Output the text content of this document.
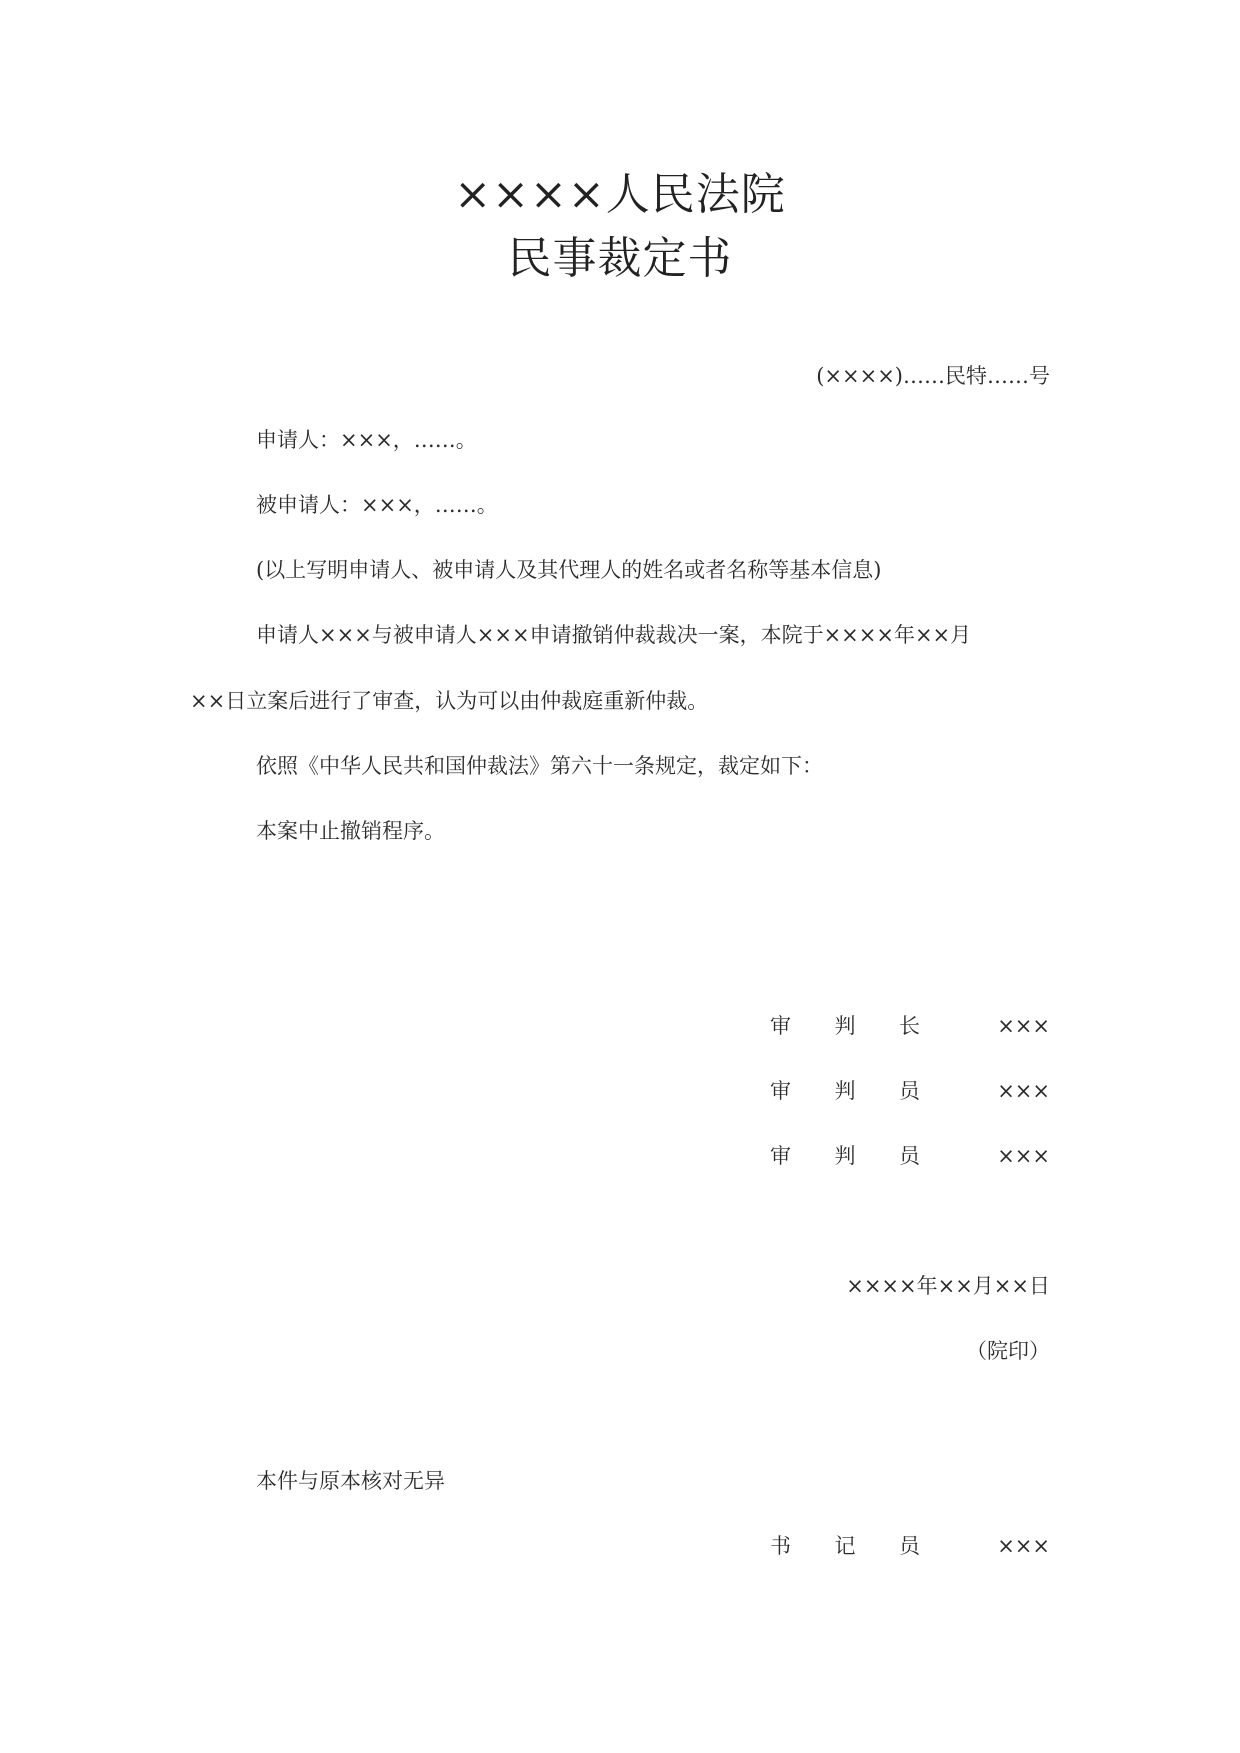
××××人民法院
民事裁定书
(××××)……民特……号
申请人：×××，……。
被申请人：×××，……。
(以上写明申请人、被申请人及其代理人的姓名或者名称等基本信息)
申请人×××与被申请人×××申请撤销仲裁裁决一案，本院于××××年××月
××日立案后进行了审查，认为可以由仲裁庭重新仲裁。
依照《中华人民共和国仲裁法》第六十一条规定，裁定如下：
本案中止撤销程序。
审 判 长	×××
审 判 员	×××
审 判 员	×××
××××年××月××日
（院印）
本件与原本核对无异
书 记 员	×××
